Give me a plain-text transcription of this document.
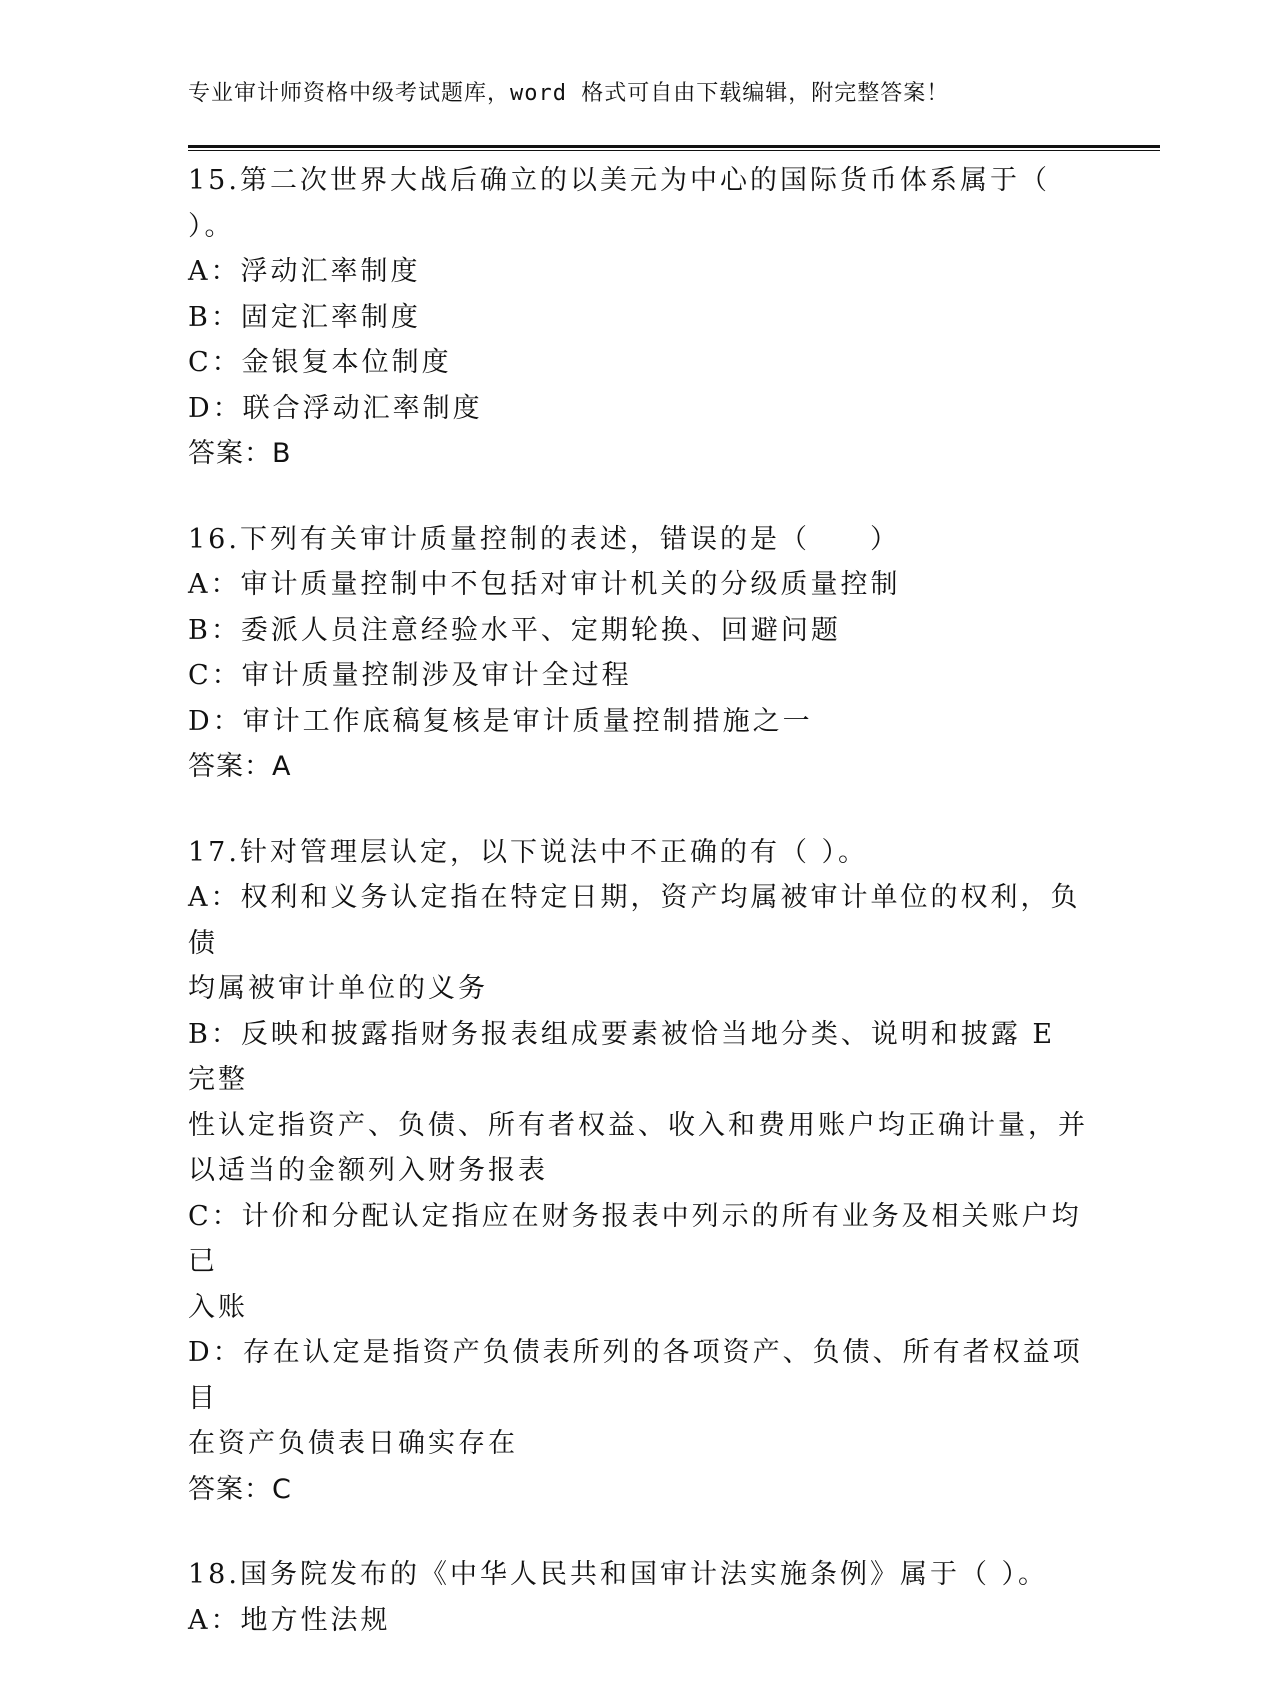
专业审计师资格中级考试题库，word 格式可自由下载编辑，附完整答案！
15.第二次世界大战后确立的以美元为中心的国际货币体系属于（
）。
A：浮动汇率制度
B：固定汇率制度
C：金银复本位制度
D：联合浮动汇率制度
答案：B
16.下列有关审计质量控制的表述，错误的是（　　）
A：审计质量控制中不包括对审计机关的分级质量控制
B：委派人员注意经验水平、定期轮换、回避问题
C：审计质量控制涉及审计全过程
D：审计工作底稿复核是审计质量控制措施之一
答案：A
17.针对管理层认定，以下说法中不正确的有（ ）。
A：权利和义务认定指在特定日期，资产均属被审计单位的权利，负债
均属被审计单位的义务
B：反映和披露指财务报表组成要素被恰当地分类、说明和披露 E 完整
性认定指资产、负债、所有者权益、收入和费用账户均正确计量，并
以适当的金额列入财务报表
C：计价和分配认定指应在财务报表中列示的所有业务及相关账户均已
入账
D：存在认定是指资产负债表所列的各项资产、负债、所有者权益项目
在资产负债表日确实存在
答案：C
18.国务院发布的《中华人民共和国审计法实施条例》属于（ ）。
A：地方性法规
